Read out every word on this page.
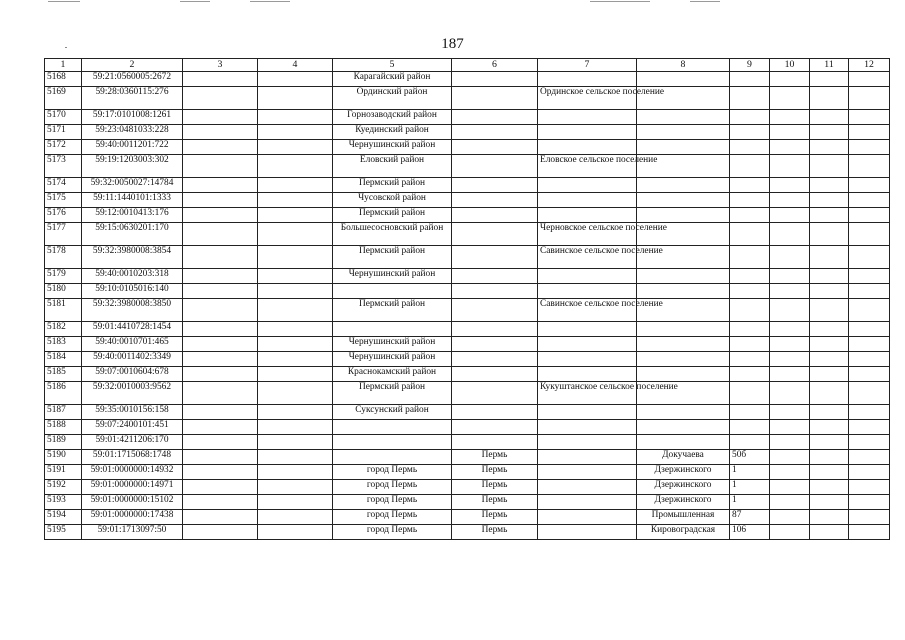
187
1	2	3	4	5	6	7	8	9	10	11	12
5168	59:21:0560005:2672			Карагайский район							
5169	59:28:0360115:276			Ординский район		Ординское сельское поселение					
5170	59:17:0101008:1261			Горнозаводский район							
5171	59:23:0481033:228			Куединский район							
5172	59:40:0011201:722			Чернушинский район							
5173	59:19:1203003:302			Еловский район		Еловское сельское поселение					
5174	59:32:0050027:14784			Пермский район							
5175	59:11:1440101:1333			Чусовской район							
5176	59:12:0010413:176			Пермский район							
5177	59:15:0630201:170			Большесосновский район		Черновское сельское поселение					
5178	59:32:3980008:3854			Пермский район		Савинское сельское поселение					
5179	59:40:0010203:318			Чернушинский район							
5180	59:10:0105016:140										
5181	59:32:3980008:3850			Пермский район		Савинское сельское поселение					
5182	59:01:4410728:1454										
5183	59:40:0010701:465			Чернушинский район							
5184	59:40:0011402:3349			Чернушинский район							
5185	59:07:0010604:678			Краснокамский район							
5186	59:32:0010003:9562			Пермский район		Кукуштанское сельское поселение					
5187	59:35:0010156:158			Суксунский район							
5188	59:07:2400101:451										
5189	59:01:4211206:170										
5190	59:01:1715068:1748				Пермь		Докучаева	50б			
5191	59:01:0000000:14932			город Пермь	Пермь		Дзержинского	1			
5192	59:01:0000000:14971			город Пермь	Пермь		Дзержинского	1			
5193	59:01:0000000:15102			город Пермь	Пермь		Дзержинского	1			
5194	59:01:0000000:17438			город Пермь	Пермь		Промышленная	87			
5195	59:01:1713097:50			город Пермь	Пермь		Кировоградская	106			
